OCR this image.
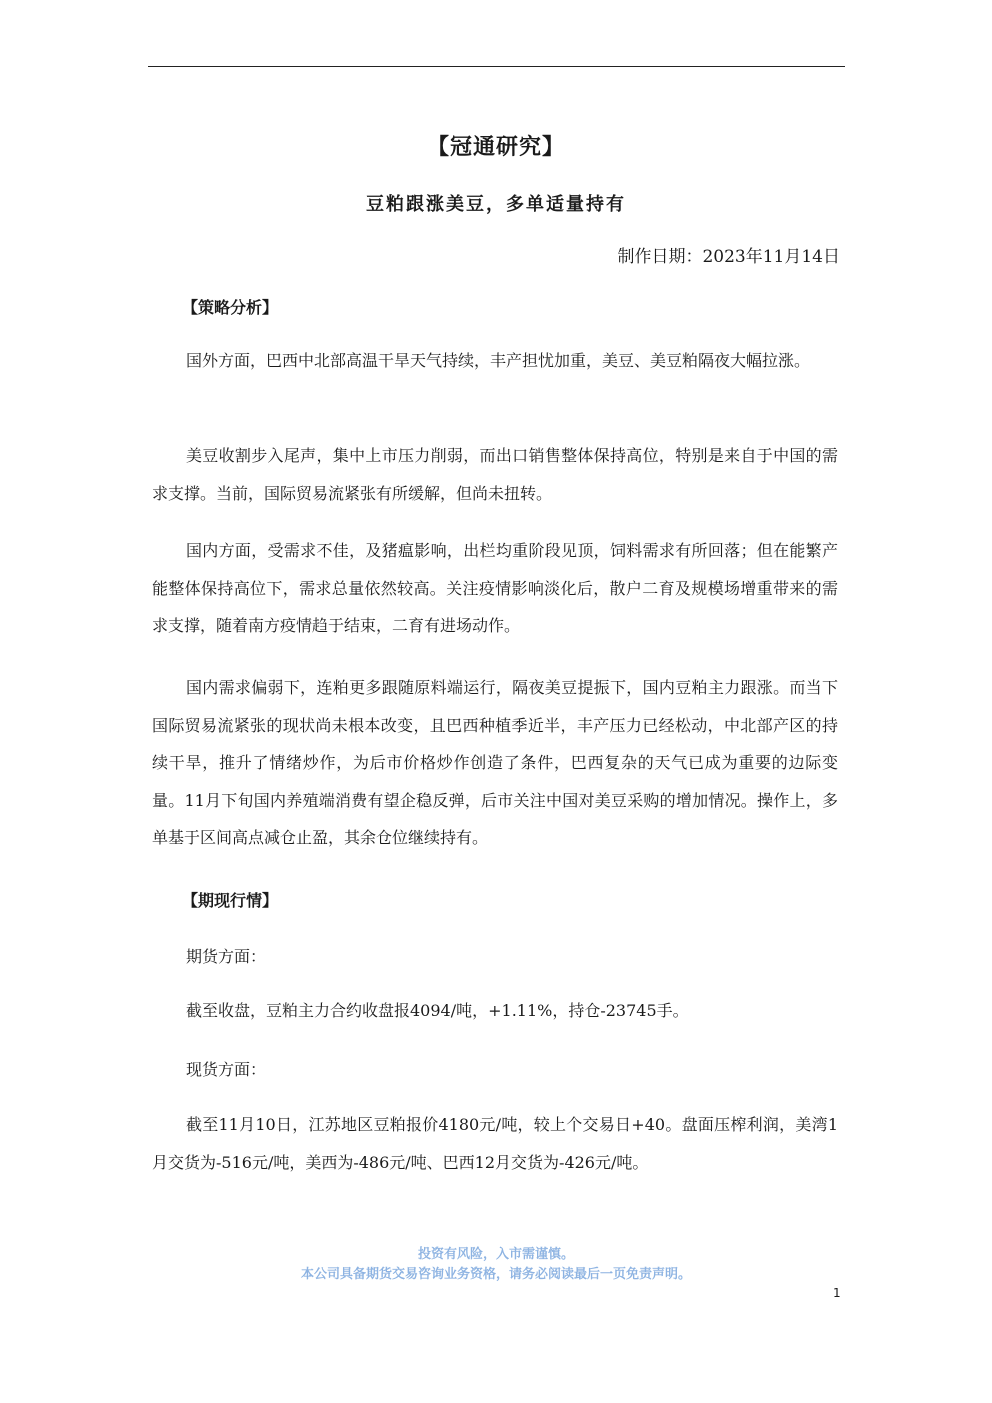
【冠通研究】
豆粕跟涨美豆，多单适量持有
制作日期：2023年11月14日
【策略分析】
国外方面，巴西中北部高温干旱天气持续，丰产担忧加重，美豆、美豆粕隔夜大幅拉涨。
美豆收割步入尾声，集中上市压力削弱，而出口销售整体保持高位，特别是来自于中国的需求支撑。当前，国际贸易流紧张有所缓解，但尚未扭转。
国内方面，受需求不佳，及猪瘟影响，出栏均重阶段见顶，饲料需求有所回落；但在能繁产能整体保持高位下，需求总量依然较高。关注疫情影响淡化后，散户二育及规模场增重带来的需求支撑，随着南方疫情趋于结束，二育有进场动作。
国内需求偏弱下，连粕更多跟随原料端运行，隔夜美豆提振下，国内豆粕主力跟涨。而当下国际贸易流紧张的现状尚未根本改变，且巴西种植季近半，丰产压力已经松动，中北部产区的持续干旱，推升了情绪炒作，为后市价格炒作创造了条件，巴西复杂的天气已成为重要的边际变量。11月下旬国内养殖端消费有望企稳反弹，后市关注中国对美豆采购的增加情况。操作上，多单基于区间高点减仓止盈，其余仓位继续持有。
【期现行情】
期货方面：
截至收盘，豆粕主力合约收盘报4094/吨，+1.11%，持仓-23745手。
现货方面：
截至11月10日，江苏地区豆粕报价4180元/吨，较上个交易日+40。盘面压榨利润，美湾1月交货为-516元/吨，美西为-486元/吨、巴西12月交货为-426元/吨。
投资有风险，入市需谨慎。
本公司具备期货交易咨询业务资格，请务必阅读最后一页免责声明。
1
